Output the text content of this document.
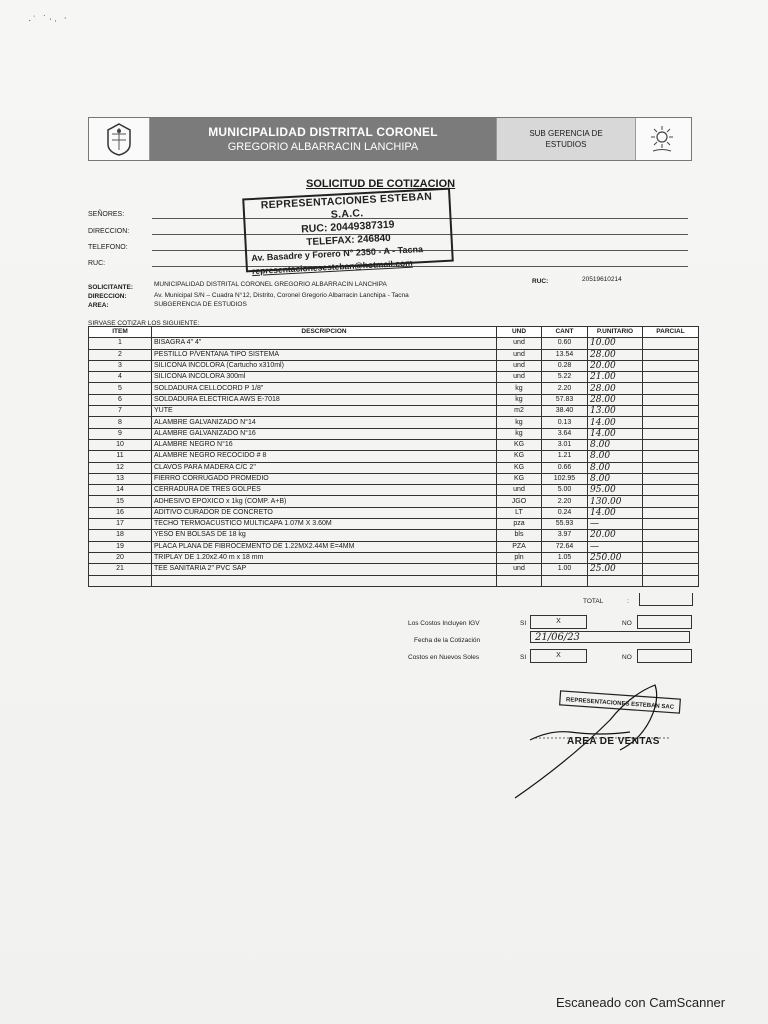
·˙ ˙·. ·
MUNICIPALIDAD DISTRITAL CORONEL
GREGORIO ALBARRACIN LANCHIPA
SUB GERENCIA DE ESTUDIOS
SOLICITUD DE COTIZACION
SEÑORES:
DIRECCION:
TELEFONO:
RUC:
REPRESENTACIONES ESTEBAN S.A.C.
RUC: 20449387319
TELEFAX: 246840
Av. Basadre y Forero N° 2350 - A - Tacna
representacionesesteban@hotmail.com
SOLICITANTE:	MUNICIPALIDAD DISTRITAL CORONEL GREGORIO ALBARRACIN LANCHIPA
DIRECCION:	Av. Municipal S/N – Cuadra N°12, Distrito, Coronel Gregorio Albarracin Lanchipa - Tacna
AREA:	SUBGERENCIA DE ESTUDIOS
RUC:	20519610214
SIRVASE COTIZAR LOS SIGUIENTE:
ITEM	DESCRIPCION	UND	CANT	P.UNITARIO	PARCIAL
1	BISAGRA 4" 4"	und	0.60	10.00	
2	PESTILLO P/VENTANA TIPO SISTEMA	und	13.54	28.00	
3	SILICONA INCOLORA (Cartucho x310ml)	und	0.28	20.00	
4	SILICONA INCOLORA 300ml	und	5.22	21.00	
5	SOLDADURA CELLOCORD P 1/8"	kg	2.20	28.00	
6	SOLDADURA ELECTRICA AWS E-7018	kg	57.83	28.00	
7	YUTE	m2	38.40	13.00	
8	ALAMBRE GALVANIZADO N°14	kg	0.13	14.00	
9	ALAMBRE GALVANIZADO N°16	kg	3.64	14.00	
10	ALAMBRE NEGRO N°16	KG	3.01	8.00	
11	ALAMBRE NEGRO RECOCIDO # 8	KG	1.21	8.00	
12	CLAVOS PARA MADERA C/C 2"	KG	0.66	8.00	
13	FIERRO CORRUGADO PROMEDIO	KG	102.95	8.00	
14	CERRADURA DE TRES GOLPES	und	5.00	95.00	
15	ADHESIVO EPOXICO x 1kg (COMP. A+B)	JGO	2.20	130.00	
16	ADITIVO CURADOR DE CONCRETO	LT	0.24	14.00	
17	TECHO TERMOACUSTICO MULTICAPA 1.07M X 3.60M	pza	55.93	—	
18	YESO EN BOLSAS DE 18 kg	bls	3.97	20.00	
19	PLACA PLANA DE FIBROCEMENTO DE 1.22MX2.44M E=4MM	PZA	72.64	—	
20	TRIPLAY DE 1.20x2.40 m x 18 mm	pln	1.05	250.00	
21	TEE SANITARIA 2" PVC SAP	und	1.00	25.00	

TOTAL	:
Los Costos Incluyen IGV	SI	X	NO
Fecha de la Cotización	21/06/23
Costos en Nuevos Soles	SI	X	NO
REPRESENTACIONES ESTEBAN SAC
AREA DE VENTAS
Escaneado con CamScanner
